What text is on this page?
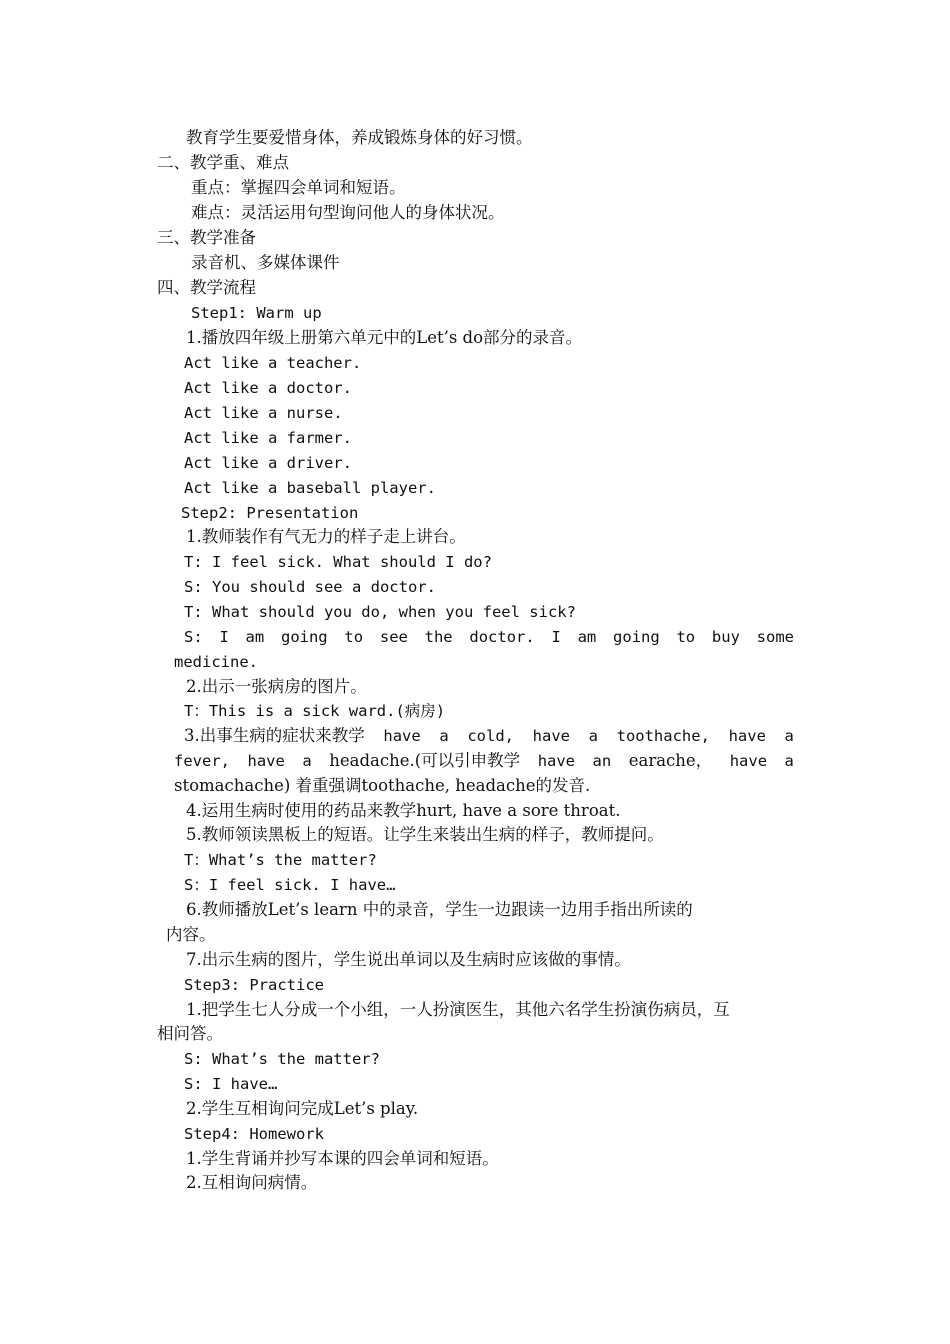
教育学生要爱惜身体，养成锻炼身体的好习惯。

二、教学重、难点

重点：掌握四会单词和短语。

难点：灵活运用句型询问他人的身体状况。

三、教学准备

录音机、多媒体课件

四、教学流程

Step1: Warm up

1.播放四年级上册第六单元中的Let’s do部分的录音。

Act like a teacher.

Act like a doctor.

Act like a nurse.

Act like a farmer.

Act like a driver.

Act like a baseball player.

Step2: Presentation

1.教师装作有气无力的样子走上讲台。

T: I feel sick. What should I do?

S: You should see a doctor.

T: What should you do, when you feel sick?

S: I am going to see the doctor. I am going to buy some

medicine.

2.出示一张病房的图片。

T：This is a sick ward.(病房)

3.出事生病的症状来教学 have a cold, have a toothache, have a
fever, have a headache.(可以引申教学 have an earache， have a

stomachache) 着重强调toothache, headache的发音.

4.运用生病时使用的药品来教学hurt, have a sore throat.

5.教师领读黑板上的短语。让学生来装出生病的样子，教师提问。

T：What’s the matter?

S：I feel sick. I have…

6.教师播放Let’s learn 中的录音，学生一边跟读一边用手指出所读的

内容。

7.出示生病的图片，学生说出单词以及生病时应该做的事情。

Step3: Practice

1.把学生七人分成一个小组，一人扮演医生，其他六名学生扮演伤病员，互

相问答。

S: What’s the matter?

S: I have…

2.学生互相询问完成Let’s play.

Step4: Homework

1.学生背诵并抄写本课的四会单词和短语。

2.互相询问病情。
